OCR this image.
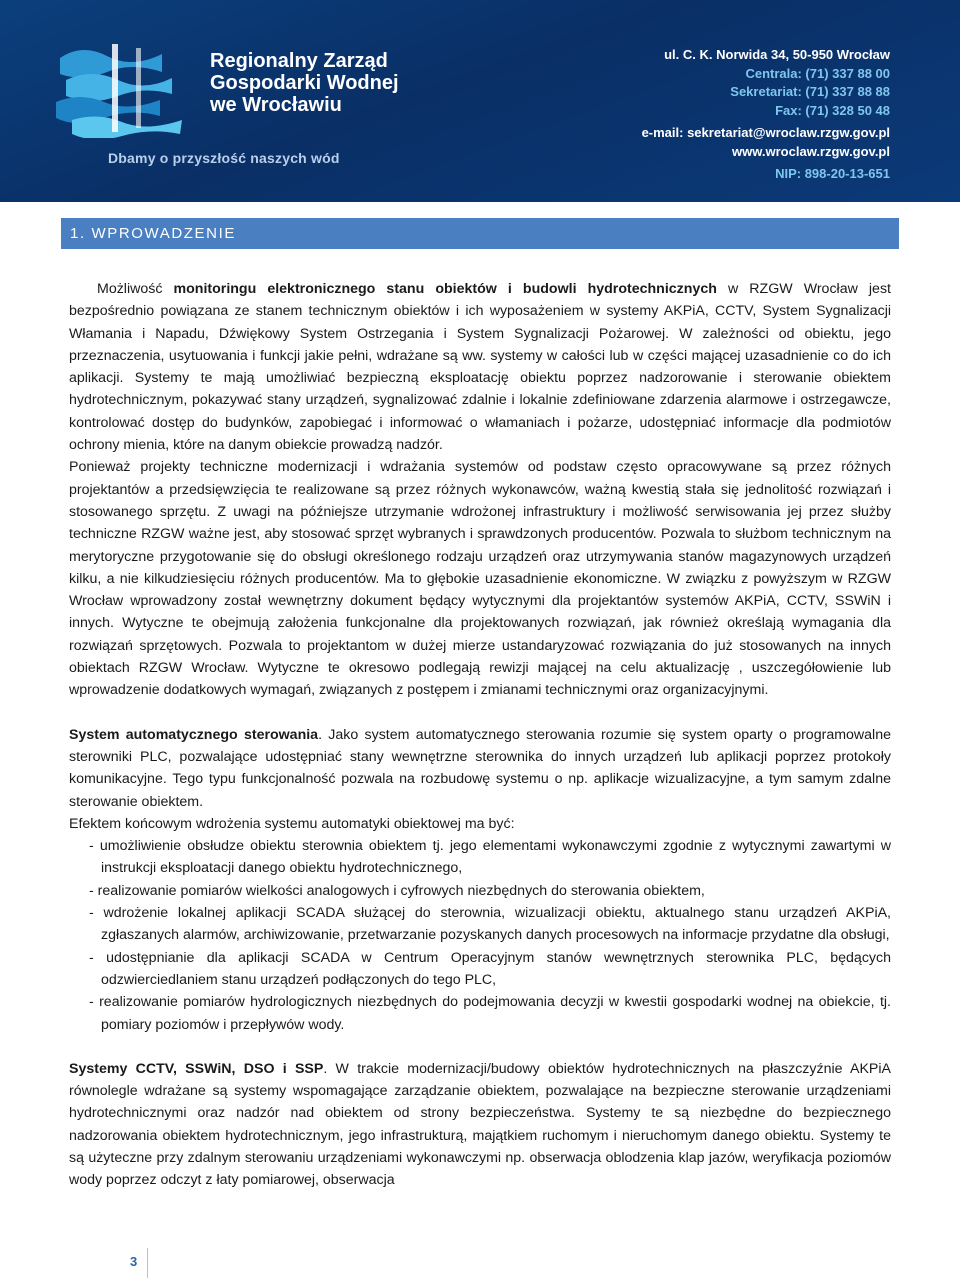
Regionalny Zarząd
Gospodarki Wodnej
we Wrocławiu
Dbamy o przyszłość naszych wód
ul. C. K. Norwida 34, 50-950 Wrocław
Centrala: (71) 337 88 00
Sekretariat: (71) 337 88 88
Fax: (71) 328 50 48
e-mail: sekretariat@wroclaw.rzgw.gov.pl
www.wroclaw.rzgw.gov.pl
NIP: 898-20-13-651
1. WPROWADZENIE

Możliwość monitoringu elektronicznego stanu obiektów i budowli hydrotechnicznych w RZGW Wrocław jest bezpośrednio powiązana ze stanem technicznym obiektów i ich wyposażeniem w systemy AKPiA, CCTV, System Sygnalizacji Włamania i Napadu, Dźwiękowy System Ostrzegania i System Sygnalizacji Pożarowej. W zależności od obiektu, jego przeznaczenia, usytuowania i funkcji jakie pełni, wdrażane są ww. systemy w całości lub w części mającej uzasadnienie co do ich aplikacji. Systemy te mają umożliwiać bezpieczną eksploatację obiektu poprzez nadzorowanie i sterowanie obiektem hydrotechnicznym, pokazywać stany urządzeń, sygnalizować zdalnie i lokalnie zdefiniowane zdarzenia alarmowe i ostrzegawcze, kontrolować dostęp do budynków, zapobiegać i informować o włamaniach i pożarze, udostępniać informacje dla podmiotów ochrony mienia, które na danym obiekcie prowadzą nadzór.

Ponieważ projekty techniczne modernizacji i wdrażania systemów od podstaw często opracowywane są przez różnych projektantów a przedsięwzięcia te realizowane są przez różnych wykonawców, ważną kwestią stała się jednolitość rozwiązań i stosowanego sprzętu. Z uwagi na późniejsze utrzymanie wdrożonej infrastruktury i możliwość serwisowania jej przez służby techniczne RZGW ważne jest, aby stosować sprzęt wybranych i sprawdzonych producentów. Pozwala to służbom technicznym na merytoryczne przygotowanie się do obsługi określonego rodzaju urządzeń oraz utrzymywania stanów magazynowych urządzeń kilku, a nie kilkudziesięciu różnych producentów. Ma to głębokie uzasadnienie ekonomiczne. W związku z powyższym w RZGW Wrocław wprowadzony został wewnętrzny dokument będący wytycznymi dla projektantów systemów AKPiA, CCTV, SSWiN i innych. Wytyczne te obejmują założenia funkcjonalne dla projektowanych rozwiązań, jak również określają wymagania dla rozwiązań sprzętowych. Pozwala to projektantom w dużej mierze ustandaryzować rozwiązania do już stosowanych na innych obiektach RZGW Wrocław. Wytyczne te okresowo podlegają rewizji mającej na celu aktualizację , uszczegółowienie lub wprowadzenie dodatkowych wymagań, związanych z postępem i zmianami technicznymi oraz organizacyjnymi.

System automatycznego sterowania. Jako system automatycznego sterowania rozumie się system oparty o programowalne sterowniki PLC, pozwalające udostępniać stany wewnętrzne sterownika do innych urządzeń lub aplikacji poprzez protokoły komunikacyjne. Tego typu funkcjonalność pozwala na rozbudowę systemu o np. aplikacje wizualizacyjne, a tym samym zdalne sterowanie obiektem.

Efektem końcowym wdrożenia systemu automatyki obiektowej ma być:

- umożliwienie obsłudze obiektu sterownia obiektem tj. jego elementami wykonawczymi zgodnie z wytycznymi zawartymi w instrukcji eksploatacji danego obiektu hydrotechnicznego,
- realizowanie pomiarów wielkości analogowych i cyfrowych niezbędnych do sterowania obiektem,
- wdrożenie lokalnej aplikacji SCADA służącej do sterownia, wizualizacji obiektu, aktualnego stanu urządzeń AKPiA, zgłaszanych alarmów, archiwizowanie, przetwarzanie pozyskanych danych procesowych na informacje przydatne dla obsługi,
- udostępnianie dla aplikacji SCADA w Centrum Operacyjnym stanów wewnętrznych sterownika PLC, będących odzwierciedlaniem stanu urządzeń podłączonych do tego PLC,
- realizowanie pomiarów hydrologicznych niezbędnych do podejmowania decyzji w kwestii gospodarki wodnej na obiekcie, tj. pomiary poziomów i przepływów wody.

Systemy CCTV, SSWiN, DSO i SSP. W trakcie modernizacji/budowy obiektów hydrotechnicznych na płaszczyźnie AKPiA równolegle wdrażane są systemy wspomagające zarządzanie obiektem, pozwalające na bezpieczne sterowanie urządzeniami hydrotechnicznymi oraz nadzór nad obiektem od strony bezpieczeństwa. Systemy te są niezbędne do bezpiecznego nadzorowania obiektem hydrotechnicznym, jego infrastrukturą, majątkiem ruchomym i nieruchomym danego obiektu. Systemy te są użyteczne przy zdalnym sterowaniu urządzeniami wykonawczymi np. obserwacja oblodzenia klap jazów, weryfikacja poziomów wody poprzez odczyt z łaty pomiarowej, obserwacja

3
